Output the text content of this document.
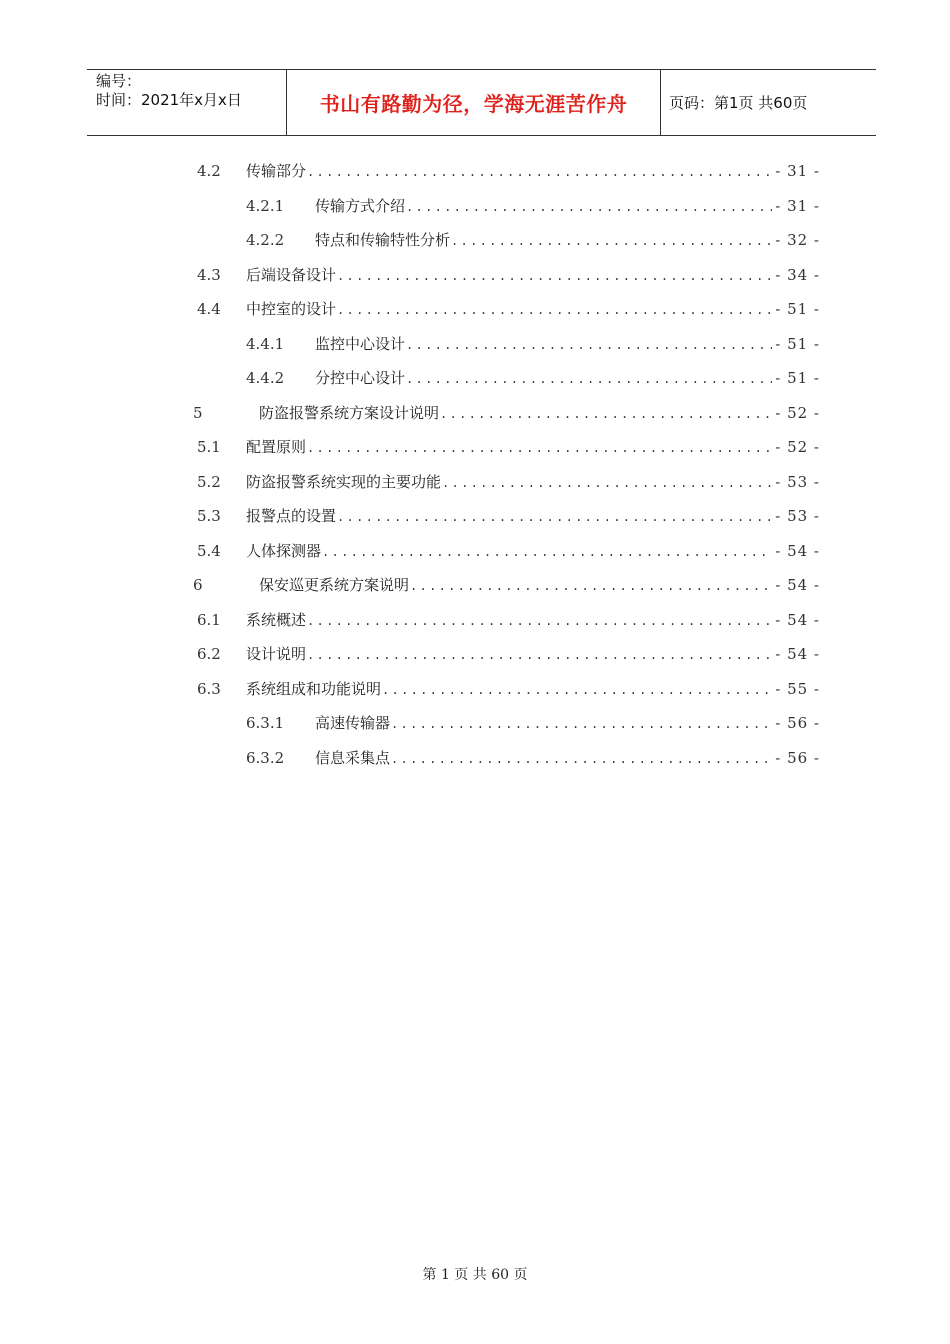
编号：
时间：2021年x月x日	书山有路勤为径，学海无涯苦作舟	页码：第1页 共60页
4.2	传输部分 .....	- 31 -
4.2.1	传输方式介绍 .....	- 31 -
4.2.2	特点和传输特性分析 .....	- 32 -
4.3	后端设备设计 .....	- 34 -
4.4	中控室的设计 .....	- 51 -
4.4.1	监控中心设计 .....	- 51 -
4.4.2	分控中心设计 .....	- 51 -
5	防盗报警系统方案设计说明 .....	- 52 -
5.1	配置原则 .....	- 52 -
5.2	防盗报警系统实现的主要功能 .....	- 53 -
5.3	报警点的设置 .....	- 53 -
5.4	人体探测器 .....	- 54 -
6	保安巡更系统方案说明 .....	- 54 -
6.1	系统概述 .....	- 54 -
6.2	设计说明 .....	- 54 -
6.3	系统组成和功能说明 .....	- 55 -
6.3.1	高速传输器 .....	- 56 -
6.3.2	信息采集点 .....	- 56 -
第 1 页 共 60 页
